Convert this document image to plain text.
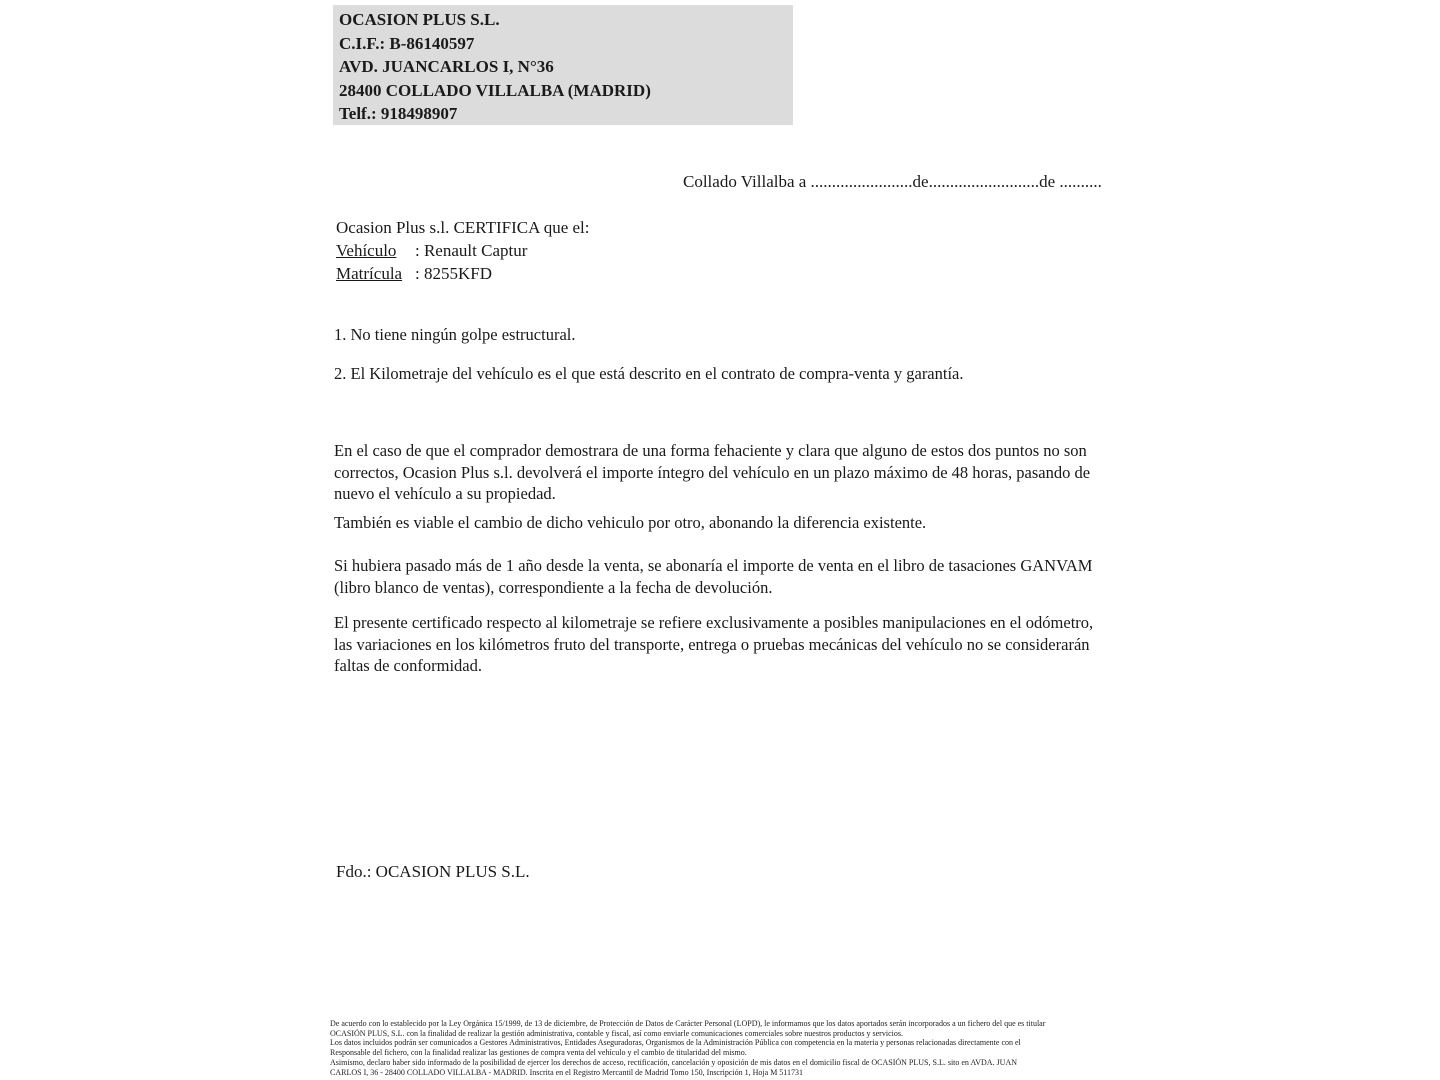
OCASION PLUS S.L.
C.I.F.: B-86140597
AVD. JUANCARLOS I, N°36
28400 COLLADO VILLALBA (MADRID)
Telf.: 918498907
Collado Villalba a ........................de..........................de ..........
Ocasion Plus s.l. CERTIFICA que el:
Vehículo	: Renault Captur
Matrícula : 8255KFD
1. No tiene ningún golpe estructural.
2. El Kilometraje del vehículo es el que está descrito en el contrato de compra-venta y garantía.
En el caso de que el comprador demostrara de una forma fehaciente y clara que alguno de estos dos puntos no son correctos, Ocasion Plus s.l. devolverá el importe íntegro del vehículo en un plazo máximo de 48 horas, pasando de nuevo el vehículo a su propiedad.
También es viable el cambio de dicho vehiculo por otro, abonando la diferencia existente.
Si hubiera pasado más de 1 año desde la venta, se abonaría el importe de venta en el libro de tasaciones GANVAM (libro blanco de ventas), correspondiente a la fecha de devolución.
El presente certificado respecto al kilometraje se refiere exclusivamente a posibles manipulaciones en el odómetro, las variaciones en los kilómetros fruto del transporte, entrega o pruebas mecánicas del vehículo no se considerarán faltas de conformidad.
Fdo.: OCASION PLUS S.L.
De acuerdo con lo establecido por la Ley Orgánica 15/1999, de 13 de diciembre, de Protección de Datos de Carácter Personal (LOPD), le informamos que los datos aportados serán incorporados a un fichero del que es titular
OCASIÓN PLUS, S.L. con la finalidad de realizar la gestión administrativa, contable y fiscal, así como enviarle comunicaciones comerciales sobre nuestros productos y servicios.
Los datos incluidos podrán ser comunicados a Gestores Administrativos, Entidades Aseguradoras, Organismos de la Administración Pública con competencia en la materia y personas relacionadas directamente con el
Responsable del fichero, con la finalidad realizar las gestiones de compra venta del vehículo y el cambio de titularidad del mismo.
Asimismo, declaro haber sido informado de la posibilidad de ejercer los derechos de acceso, rectificación, cancelación y oposición de mis datos en el domicilio fiscal de OCASIÓN PLUS, S.L. sito en AVDA. JUAN
CARLOS I, 36 - 28400 COLLADO VILLALBA - MADRID. Inscrita en el Registro Mercantil de Madrid Tomo 150, Inscripción 1, Hoja M 511731
